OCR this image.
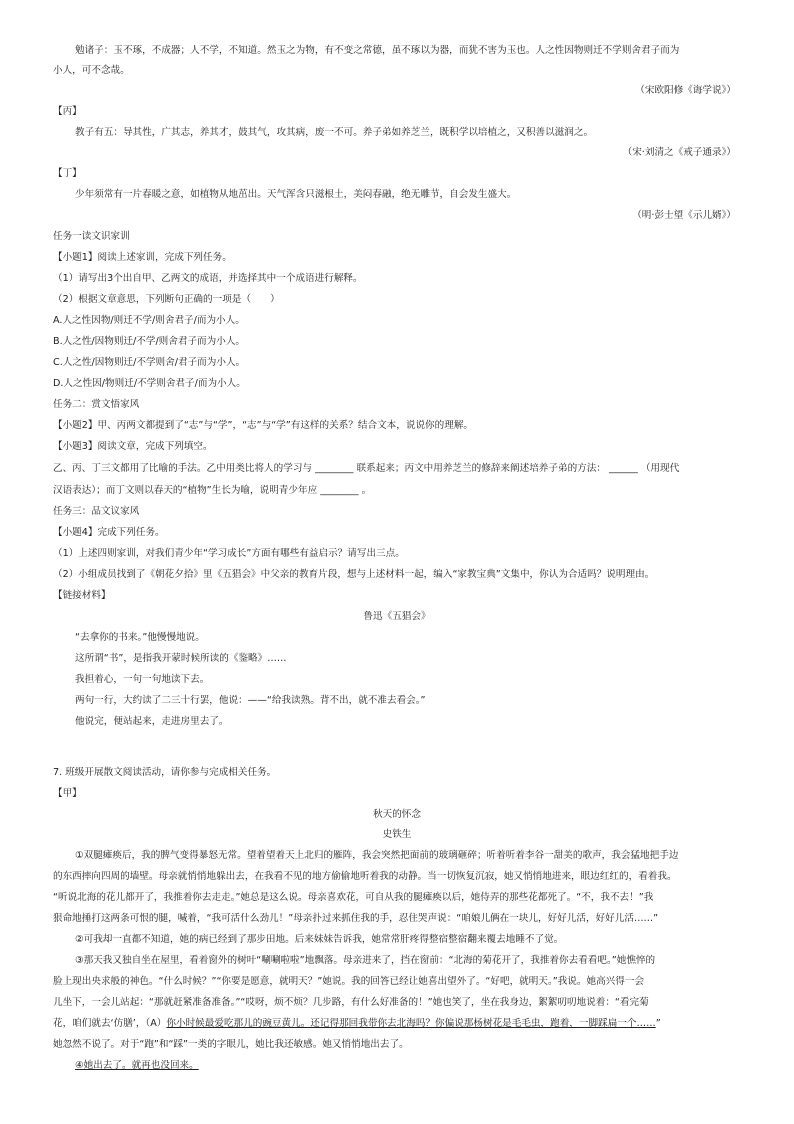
勉诸子：玉不琢，不成器；人不学，不知道。然玉之为物，有不变之常德，虽不琢以为器，而犹不害为玉也。人之性因物则迁不学则舍君子而为
小人，可不念哉。
（宋欧阳修《诲学说》）
【丙】
教子有五：导其性，广其志，养其才，鼓其气，攻其病，废一不可。养子弟如养芝兰，既积学以培植之，又积善以滋润之。
（宋·刘清之《戒子通录》）
【丁】
少年须常有一片春暖之意，如植物从地茁出。天气浑含只滋根土，美闷春融，绝无雕节，自会发生盛大。
（明·彭士望《示儿婿》）
任务一读文识家训
【小题1】阅读上述家训，完成下列任务。
（1）请写出3个出自甲、乙两文的成语，并选择其中一个成语进行解释。
（2）根据文章意思，下列断句正确的一项是（　　）
A.人之性因物/则迁不学/则舍君子/而为小人。
B.人之性/因物则迁/不学/则舍君子而为小人。
C.人之性/因物则迁/不学则舍/君子而为小人。
D.人之性因/物则迁/不学则舍君子/而为小人。
任务二：赏文悟家风
【小题2】甲、丙两文都提到了“志”与“学”，“志”与“学”有这样的关系？结合文本，说说你的理解。
【小题3】阅读文章，完成下列填空。
乙、丙、丁三文都用了比喻的手法。乙中用类比将人的学习与 ________ 联系起来；丙文中用养芝兰的修辞来阐述培养子弟的方法： ______ （用现代
汉语表达）；而丁文则以春天的“植物”生长为喻，说明青少年应 ________ 。
任务三：品文议家风
【小题4】完成下列任务。
（1）上述四则家训，对我们青少年“学习成长”方面有哪些有益启示？请写出三点。
（2）小组成员找到了《朝花夕拾》里《五猖会》中父亲的教育片段，想与上述材料一起，编入“家教宝典”文集中，你认为合适吗？说明理由。
【链接材料】
鲁迅《五猖会》
“去拿你的书来。”他慢慢地说。
这所谓“书”，是指我开蒙时候所读的《鉴略》……
我担着心，一句一句地读下去。
两句一行，大约读了二三十行罢，他说：——“给我读熟。背不出，就不准去看会。”
他说完，便站起来，走进房里去了。
7. 班级开展散文阅读活动，请你参与完成相关任务。
【甲】
秋天的怀念
史铁生
①双腿瘫痪后，我的脾气变得暴怒无常。望着望着天上北归的雁阵，我会突然把面前的玻璃砸碎；听着听着李谷一甜美的歌声，我会猛地把手边
的东西摔向四周的墙壁。母亲就悄悄地躲出去，在我看不见的地方偷偷地听着我的动静。当一切恢复沉寂，她又悄悄地进来，眼边红红的，看着我。
“听说北海的花儿都开了，我推着你去走走。”她总是这么说。母亲喜欢花，可自从我的腿瘫痪以后，她侍弄的那些花都死了。“不，我不去！”我
狠命地捶打这两条可恨的腿，喊着，“我可活什么劲儿！”母亲扑过来抓住我的手，忍住哭声说：“咱娘儿俩在一块儿，好好儿活，好好儿活……”
②可我却一直都不知道，她的病已经到了那步田地。后来妹妹告诉我，她常常肝疼得整宿整宿翻来覆去地睡不了觉。
③那天我又独自坐在屋里，看着窗外的树叶“唰唰啦啦”地飘落。母亲进来了，挡在窗前：“北海的菊花开了，我推着你去看看吧。”她憔悴的
脸上现出央求般的神色。“什么时候？”“你要是愿意，就明天？”她说。我的回答已经让她喜出望外了。“好吧，就明天。”我说。她高兴得一会
儿坐下，一会儿站起：“那就赶紧准备准备。”“哎呀，烦不烦？几步路，有什么好准备的！”她也笑了，坐在我身边，絮絮叨叨地说着：“看完菊
花，咱们就去‘仿膳’，（A）你小时候最爱吃那儿的豌豆黄儿。还记得那回我带你去北海吗？你偏说那杨树花是毛毛虫，跑着，一脚踩扁一个……”
她忽然不说了。对于“跑”和“踩”一类的字眼儿，她比我还敏感。她又悄悄地出去了。
④她出去了。就再也没回来。
